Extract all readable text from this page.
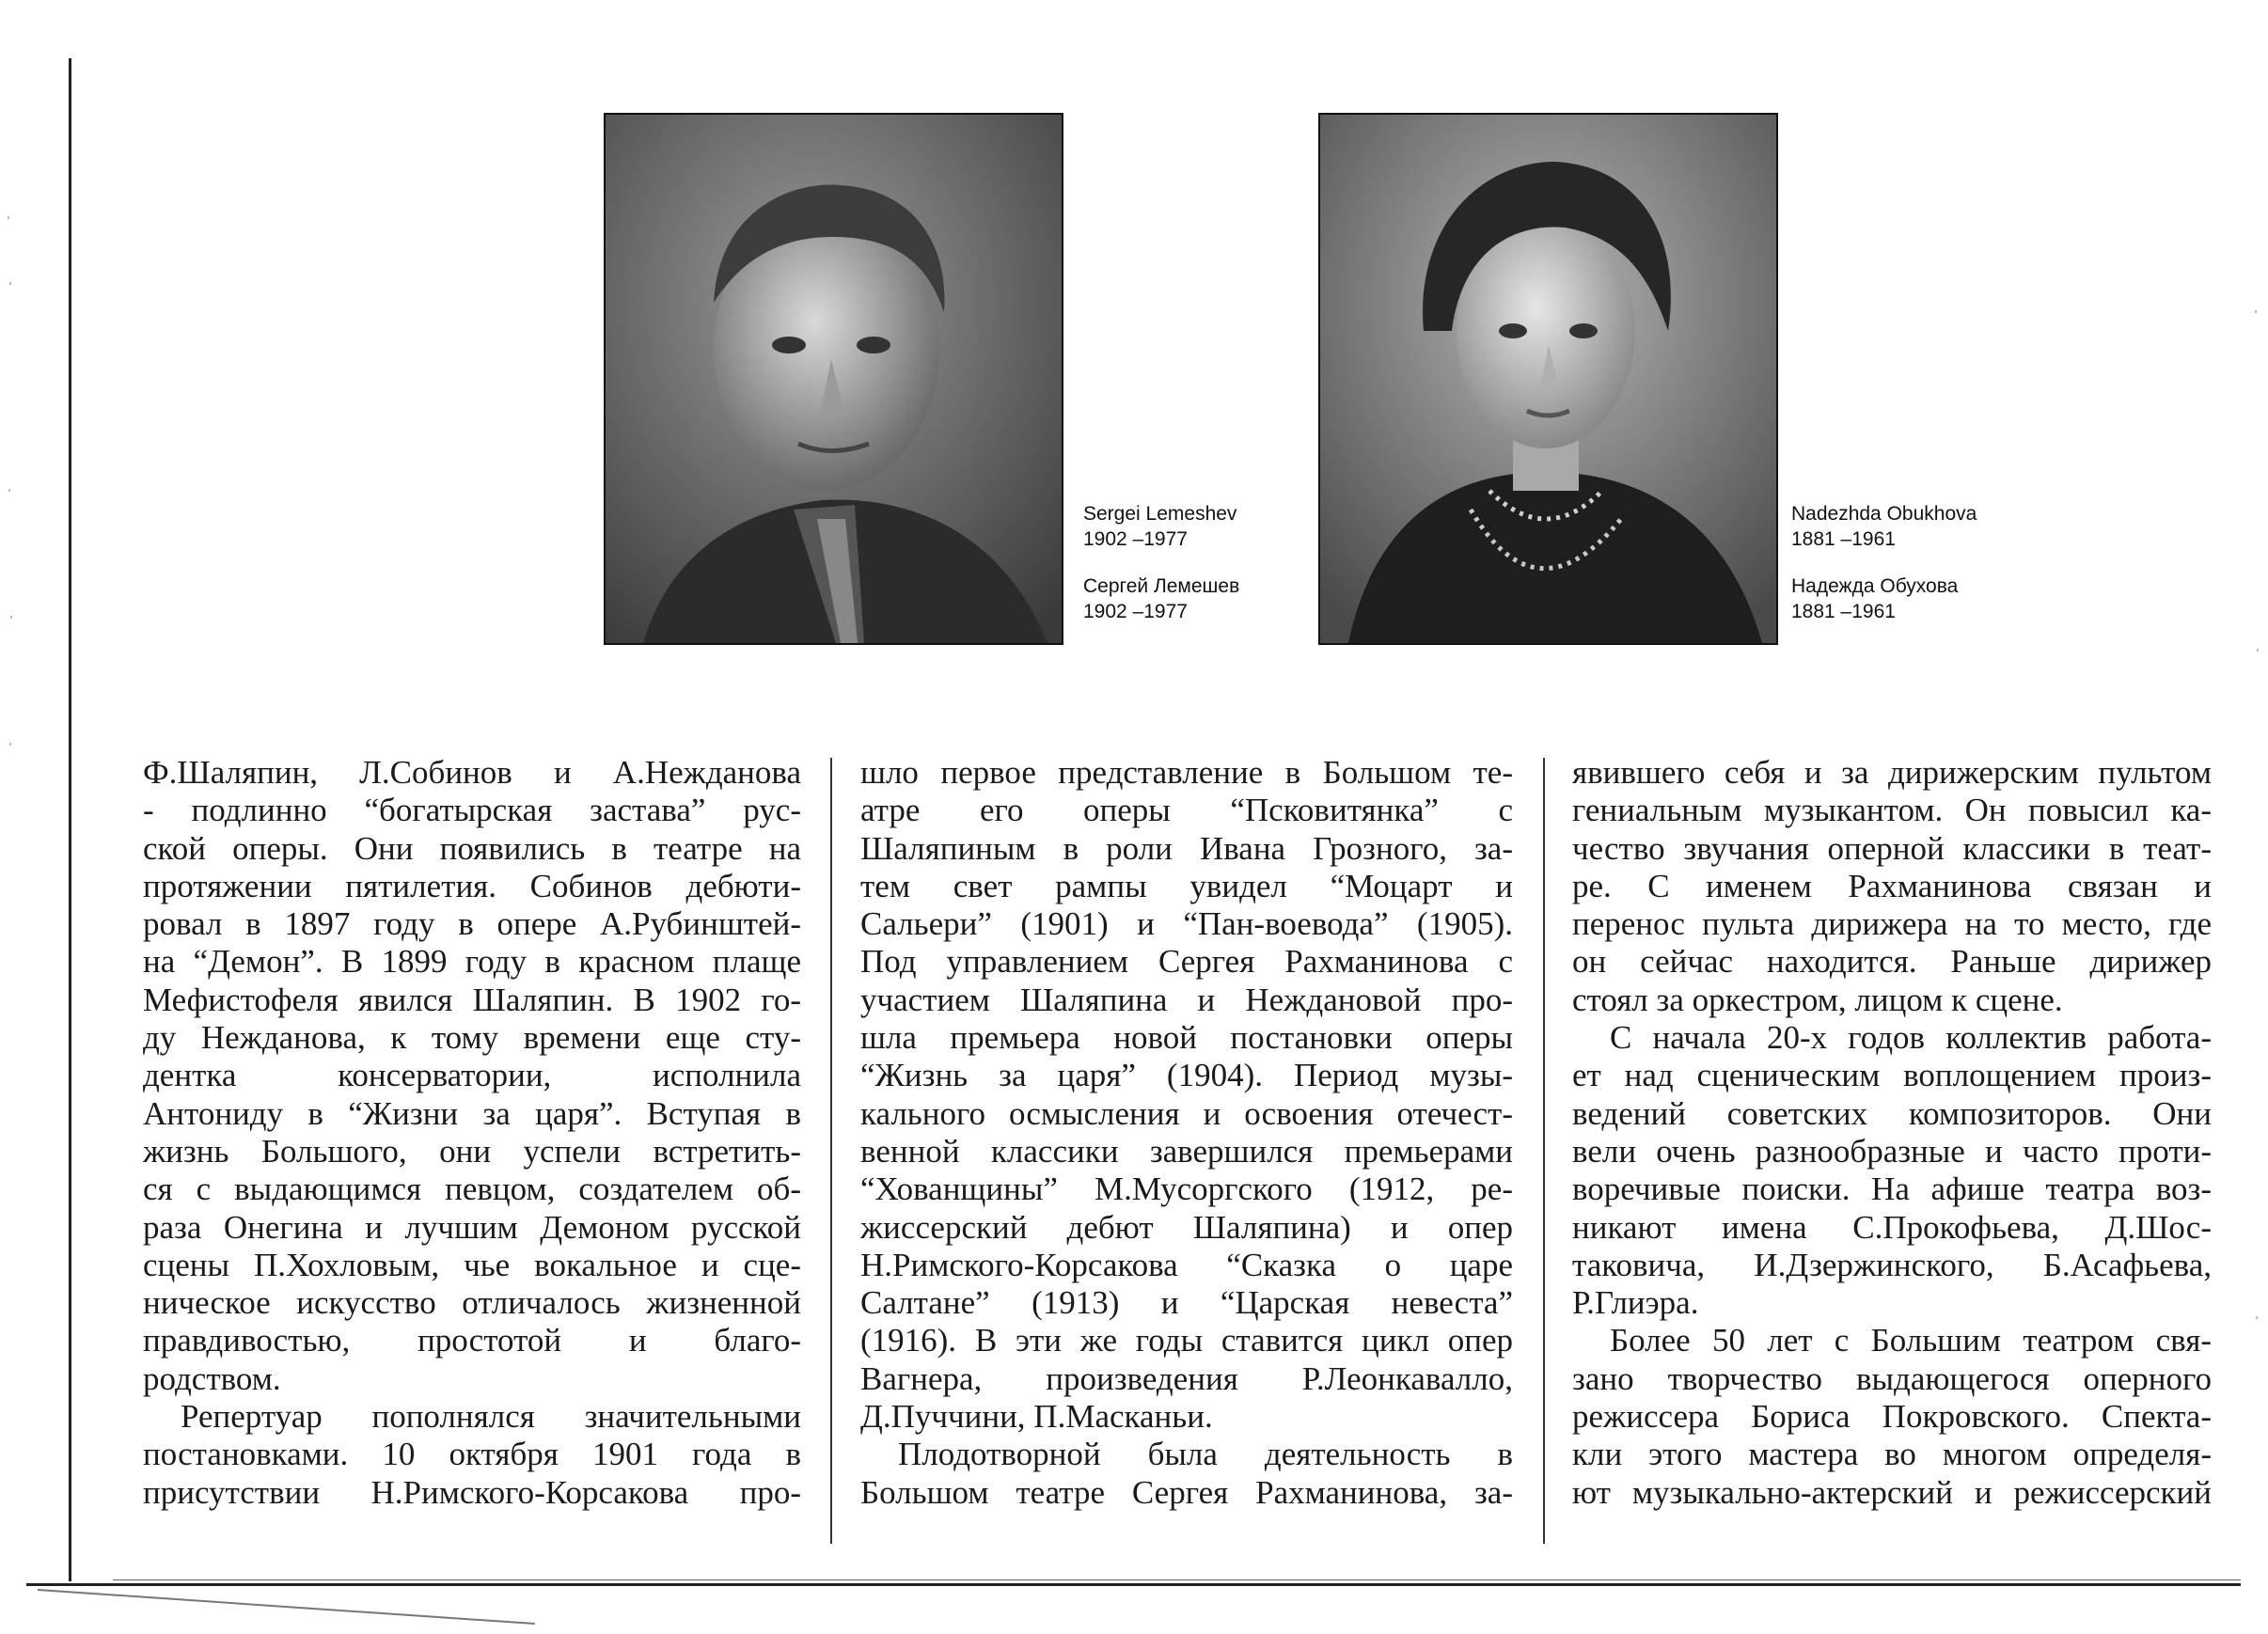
Sergei Lemeshev
1902 –1977
Сергей Лемешев
1902 –1977
Nadezhda Obukhova
1881 –1961
Надежда Обухова
1881 –1961

Ф.Шаляпин, Л.Собинов и А.Нежданова
- подлинно “богатырская застава” рус-
ской оперы. Они появились в театре на
протяжении пятилетия. Собинов дебюти-
ровал в 1897 году в опере А.Рубинштей-
на “Демон”. В 1899 году в красном плаще
Мефистофеля явился Шаляпин. В 1902 го-
ду Нежданова, к тому времени еще сту-
дентка консерватории, исполнила
Антониду в “Жизни за царя”. Вступая в
жизнь Большого, они успели встретить-
ся с выдающимся певцом, создателем об-
раза Онегина и лучшим Демоном русской
сцены П.Хохловым, чье вокальное и сце-
ническое искусство отличалось жизненной
правдивостью, простотой и благо-
родством.

Репертуар пополнялся значительными
постановками. 10 октября 1901 года в
присутствии Н.Римского-Корсакова про-

шло первое представление в Большом те-
атре его оперы “Псковитянка” с
Шаляпиным в роли Ивана Грозного, за-
тем свет рампы увидел “Моцарт и
Сальери” (1901) и “Пан-воевода” (1905).
Под управлением Сергея Рахманинова с
участием Шаляпина и Неждановой про-
шла премьера новой постановки оперы
“Жизнь за царя” (1904). Период музы-
кального осмысления и освоения отечест-
венной классики завершился премьерами
“Хованщины” М.Мусоргского (1912, ре-
жиссерский дебют Шаляпина) и опер
Н.Римского-Корсакова “Сказка о царе
Салтане” (1913) и “Царская невеста”
(1916). В эти же годы ставится цикл опер
Вагнера, произведения Р.Леонкавалло,
Д.Пуччини, П.Масканьи.

Плодотворной была деятельность в
Большом театре Сергея Рахманинова, за-

явившего себя и за дирижерским пультом
гениальным музыкантом. Он повысил ка-
чество звучания оперной классики в теат-
ре. С именем Рахманинова связан и
перенос пульта дирижера на то место, где
он сейчас находится. Раньше дирижер
стоял за оркестром, лицом к сцене.

С начала 20-х годов коллектив работа-
ет над сценическим воплощением произ-
ведений советских композиторов. Они
вели очень разнообразные и часто проти-
воречивые поиски. На афише театра воз-
никают имена С.Прокофьева, Д.Шос-
таковича, И.Дзержинского, Б.Асафьева,
Р.Глиэра.

Более 50 лет с Большим театром свя-
зано творчество выдающегося оперного
режиссера Бориса Покровского. Спекта-
кли этого мастера во многом определя-
ют музыкально-актерский и режиссерский
